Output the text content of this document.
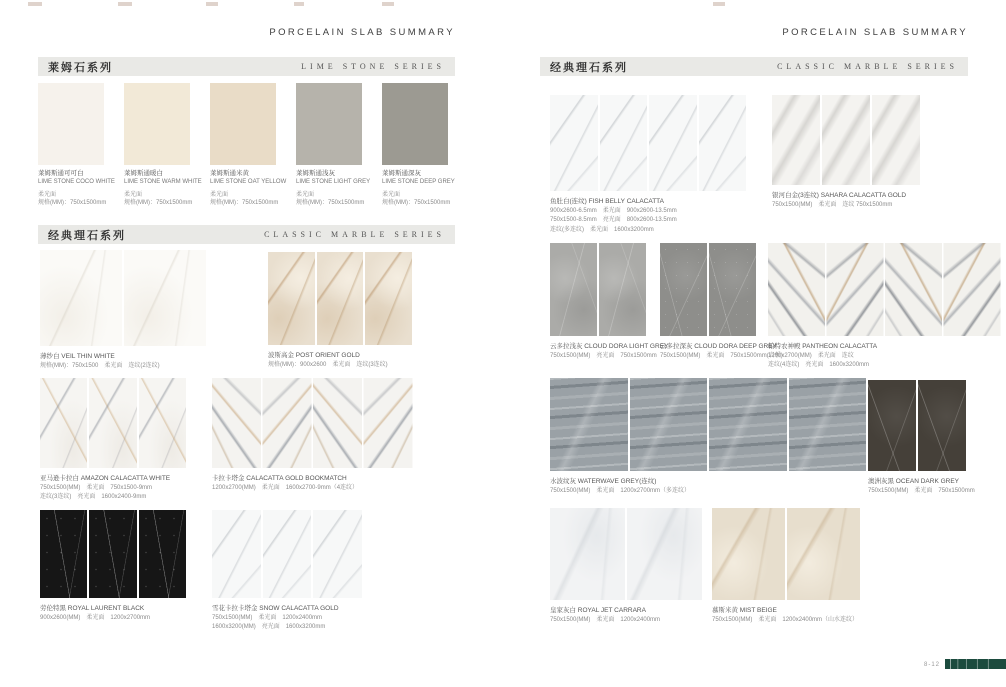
PORCELAIN SLAB SUMMARY
莱姆石系列	LIME STONE SERIES
莱姆斯通可可白
LIME STONE COCO WHITE
柔光面
规格(MM)：750x1500mm
莱姆斯通暖白
LIME STONE WARM WHITE
柔光面
规格(MM)：750x1500mm
莱姆斯通米黄
LIME STONE OAT YELLOW
柔光面
规格(MM)：750x1500mm
莱姆斯通浅灰
LIME STONE LIGHT GREY
柔光面
规格(MM)：750x1500mm
莱姆斯通深灰
LIME STONE DEEP GREY
柔光面
规格(MM)：750x1500mm
经典理石系列	CLASSIC MARBLE SERIES
薄纱白 VEIL THIN WHITE
规格(MM)：750x1500　柔光面　连纹(2连纹)
波斯高金 POST ORIENT GOLD
规格(MM)：900x2600　柔光面　连纹(3连纹)
亚马逊卡拉白 AMAZON CALACATTA WHITE
750x1500(MM)　柔光面　750x1500-9mm
连纹(3连纹)　亮光面　1600x2400-9mm
卡拉卡塔金 CALACATTA GOLD BOOKMATCH
1200x2700(MM)　柔光面　1600x2700-9mm（4连纹）
劳伦特黑 ROYAL LAURENT BLACK
900x2600(MM)　柔光面　1200x2700mm
雪花卡拉卡塔金 SNOW CALACATTA GOLD
750x1500(MM)　柔光面　1200x2400mm
1600x3200(MM)　亮光面　1600x3200mm
PORCELAIN SLAB SUMMARY
经典理石系列	CLASSIC MARBLE SERIES
鱼肚白(连纹) FISH BELLY CALACATTA
900x2600-6.5mm　柔光面　900x2600-13.5mm
750x1500-8.5mm　亮光面　800x2600-13.5mm
连纹(多连纹)　柔光面　1600x3200mm
银河白金(3连纹) SAHARA CALACATTA GOLD
750x1500(MM)　柔光面　连纹 750x1500mm
云多拉浅灰 CLOUD DORA LIGHT GREY
750x1500(MM)　亮光面　750x1500mm
云多拉深灰 CLOUD DORA DEEP GREY
750x1500(MM)　柔光面　750x1500mm(岩板)
帕特农神殿 PANTHEON CALACATTA
1200x2700(MM)　柔光面　连纹
连纹(4连纹)　亮光面　1600x3200mm
水波纹灰 WATERWAVE GREY(连纹)
750x1500(MM)　柔光面　1200x2700mm（多连纹）
澳洲灰黑 OCEAN DARK GREY
750x1500(MM)　柔光面　750x1500mm
皇家灰白 ROYAL JET CARRARA
750x1500(MM)　柔光面　1200x2400mm
慕斯米黄 MIST BEIGE
750x1500(MM)　柔光面　1200x2400mm（山水连纹）
8-12
